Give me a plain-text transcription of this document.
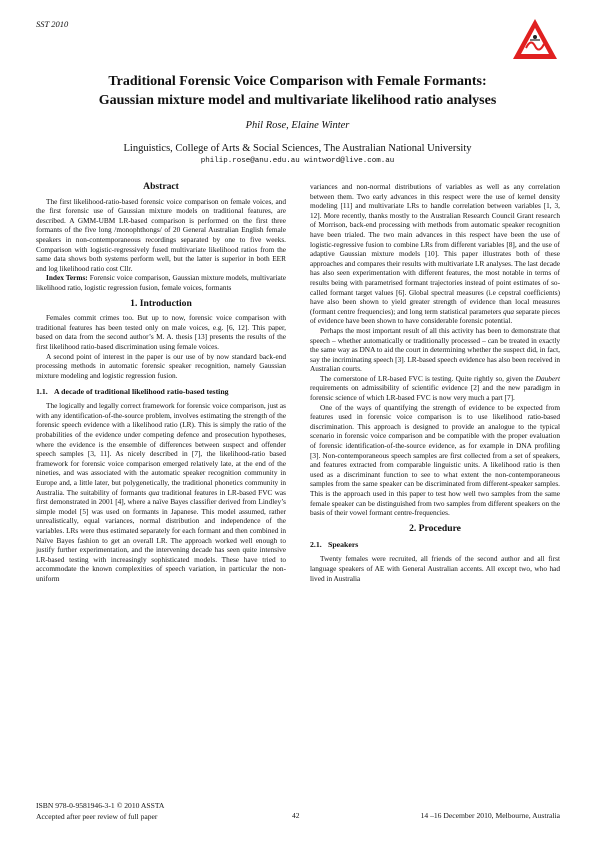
SST 2010
Traditional Forensic Voice Comparison with Female Formants:
Gaussian mixture model and multivariate likelihood ratio analyses
Phil Rose, Elaine Winter
Linguistics, College of Arts & Social Sciences, The Australian National University
philip.rose@anu.edu.au wintword@live.com.au
Abstract

The first likelihood-ratio-based forensic voice comparison on female voices, and the first forensic use of Gaussian mixture models on traditional features, are described. A GMM-UBM LR-based comparison is performed on the first three formants of the five long /monophthongs/ of 20 General Australian English female speakers in non-contemporaneous recordings separated by one to five weeks. Comparison with logistic-regressively fused multivariate likelihood ratios from the same data shows both systems perform well, but the latter is superior in both EER and log likelihood ratio cost Cllr.

Index Terms: Forensic voice comparison, Gaussian mixture models, multivariate likelihood ratio, logistic regression fusion, female voices, formants

1. Introduction

Females commit crimes too. But up to now, forensic voice comparison with traditional features has been tested only on male voices, e.g. [6, 12]. This paper, based on data from the second author’s M. A. thesis [13] presents the results of the first likelihood ratio-based discrimination using female voices.

A second point of interest in the paper is our use of by now standard back-end processing methods in automatic forensic speaker recognition, namely Gaussian mixture modeling and logistic regression fusion.

1.1. A decade of traditional likelihood ratio-based testing

The logically and legally correct framework for forensic voice comparison, just as with any identification-of-the-source problem, involves estimating the strength of the forensic speech evidence with a likelihood ratio (LR). This is simply the ratio of the probabilities of the evidence under competing defence and prosecution hypotheses, where the evidence is the ensemble of differences between suspect and offender speech samples [3, 11]. As nicely described in [7], the likelihood-ratio based framework for forensic voice comparison emerged relatively late, at the end of the nineties, and was associated with the automatic speaker recognition community in Europe and, a little later, but polygenetically, the traditional phonetics community in Australia. The suitability of formants qua traditional features in LR-based FVC was first demonstrated in 2001 [4], where a naïve Bayes classifier derived from Lindley’s simple model [5] was used on formants in Japanese. This model assumed, rather unrealistically, equal variances, normal distribution and independence of the variables. LRs were thus estimated separately for each formant and then combined in Naïve Bayes fashion to get an overall LR. The approach worked well enough to justify further experimentation, and the intervening decade has seen quite intensive LR-based testing with increasingly sophisticated models. These have tried to accommodate the known complexities of speech variation, in particular the non-uniform

variances and non-normal distributions of variables as well as any correlation between them. Two early advances in this respect were the use of kernel density modeling [11] and multivariate LRs to handle correlation between variables [1, 3, 12]. More recently, thanks mostly to the Australian Research Council Grant research of Morrison, back-end processing with methods from automatic speaker recognition have been trialed. The two main advances in this respect have been the use of logistic-regressive fusion to combine LRs from different variables [8], and the use of adaptive Gaussian mixture models [10]. This paper illustrates both of these approaches and compares their results with multivariate LR analyses. The last decade has also seen experimentation with different features, the most notable in terms of results being with parametrised formant trajectories instead of point estimates of so-called formant target values [6]. Global spectral measures (i.e cepstral coefficients) have also been shown to yield greater strength of evidence than local measures (formant centre frequencies); and long term statistical parameters qua separate pieces of evidence have been shown to have considerable forensic potential.

Perhaps the most important result of all this activity has been to demonstrate that speech – whether automatically or traditionally processed – can be treated in exactly the same way as DNA to aid the court in determining whether the suspect did, in fact, say the incriminating speech [3]. LR-based speech evidence has also been received in Australian courts.

The cornerstone of LR-based FVC is testing. Quite rightly so, given the Daubert requirements on admissibility of scientific evidence [2] and the new paradigm in forensic science of which LR-based FVC is now very much a part [7].

One of the ways of quantifying the strength of evidence to be expected from features used in forensic voice comparison is to use likelihood ratio-based discrimination. This approach is designed to provide an analogue to the typical scenario in forensic voice comparison and be compatible with the proper evaluation of forensic identification-of-the-source evidence, as for example in DNA profiling [3]. Non-contemporaneous speech samples are first collected from a set of speakers, and features extracted from comparable linguistic units. A likelihood ratio is then used as a discriminant function to see to what extent the non-contemporaneous samples from the same speaker can be discriminated from different-speaker samples. This is the approach used in this paper to test how well two samples from the same female speaker can be distinguished from two samples from different speakers on the basis of their vowel formant centre-frequencies.

2. Procedure
2.1. Speakers

Twenty females were recruited, all friends of the second author and all first language speakers of AE with General Australian accents. All except two, who had lived in Australia

ISBN 978-0-9581946-3-1 © 2010 ASSTA
Accepted after peer review of full paper	42	14 –16 December 2010, Melbourne, Australia
